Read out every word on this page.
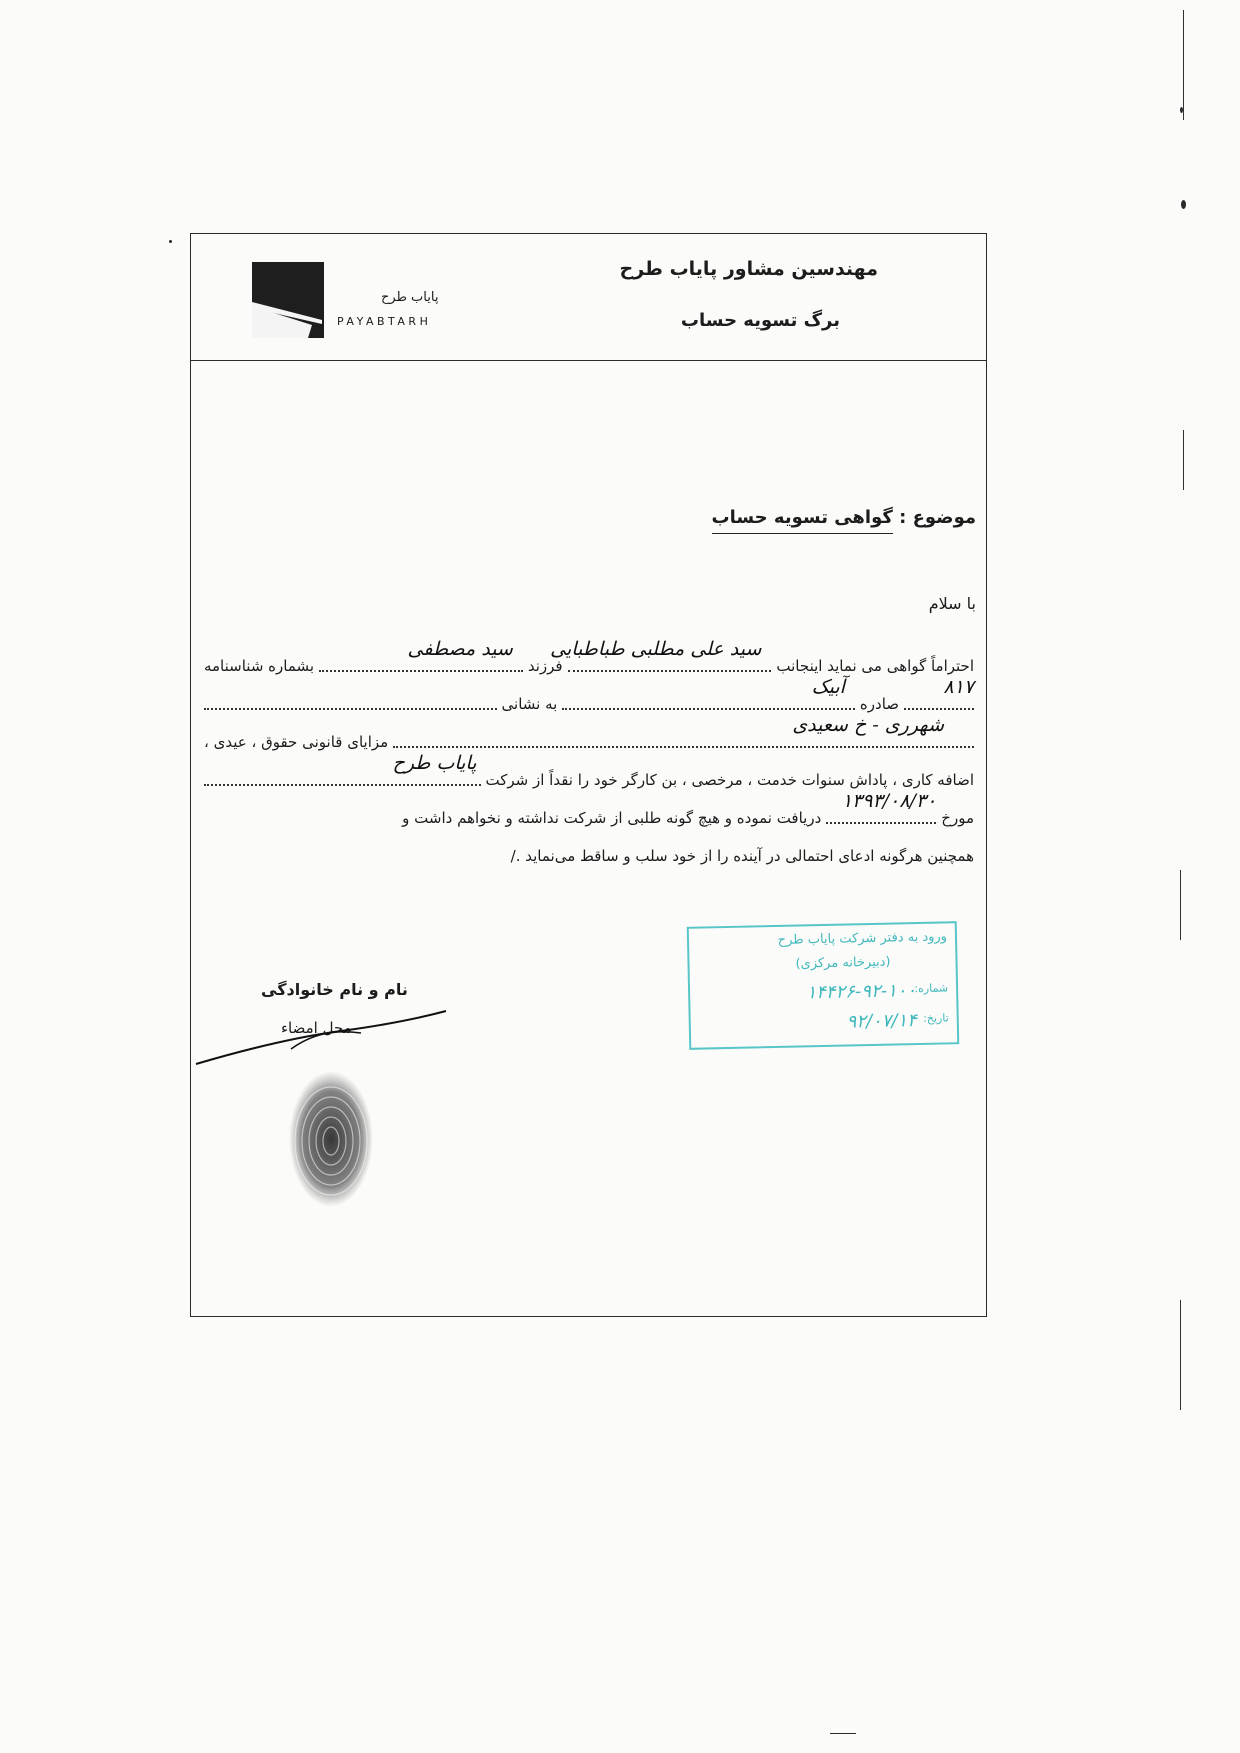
مهندسین مشاور پایاب طرح
برگ تسویه حساب
پایاب طرح
PAYABTARH
موضوع : گواهی تسویه حساب
با سلام
احتراماً گواهی می نماید اینجانب
سید علی مطلبی طباطبایی
فرزند
سید مصطفی
بشماره شناسنامه
۸۱۷
صادره
آبیک
به نشانی
شهرری - خ سعیدی
مزایای قانونی حقوق ، عیدی ،
اضافه کاری ، پاداش سنوات خدمت ، مرخصی ، بن کارگر خود را نقداً از شرکت
پایاب طرح
مورخ
۱۳۹۳/۰۸/۳۰
دریافت نموده و هیچ گونه طلبی از شرکت نداشته و نخواهم داشت و
همچنین هرگونه ادعای احتمالی در آینده را از خود سلب و ساقط می‌نماید ./
ورود به دفتر شرکت پایاب طرح
(دبیرخانه مرکزی)
شماره:
۱۴۴۲۶-۹۲-۱۰۰
تاریخ:
۹۲/۰۷/۱۴
نام و نام خانوادگی
محل امضاء
